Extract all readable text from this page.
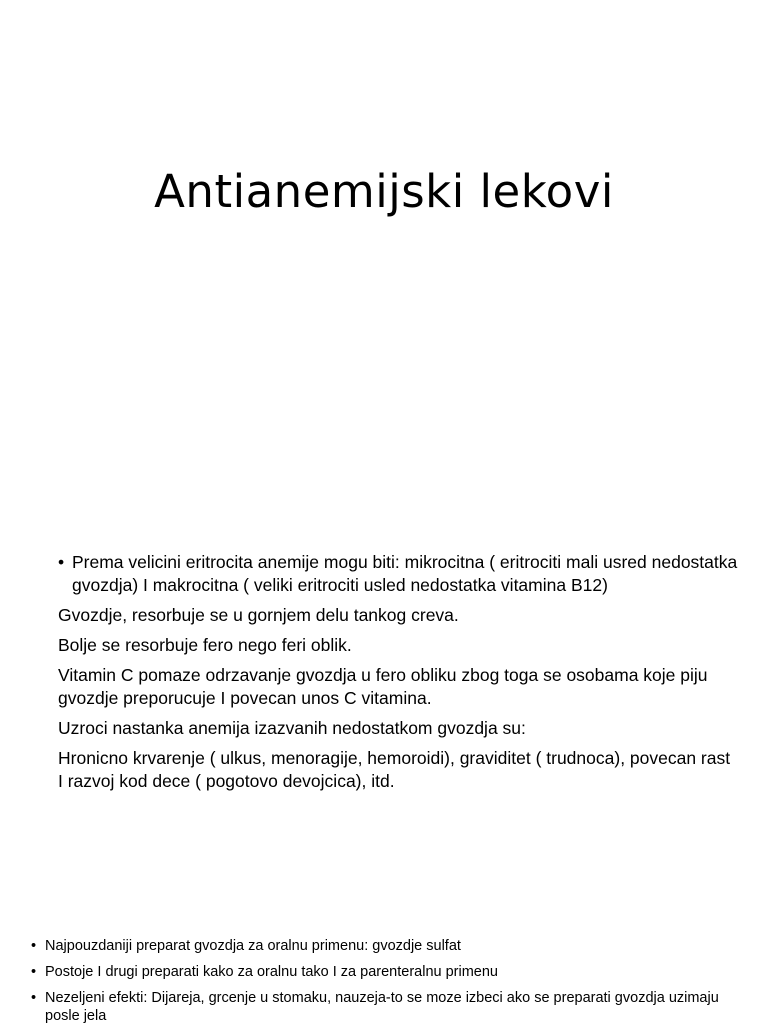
Antianemijski lekovi
• Prema velicini eritrocita anemije mogu biti: mikrocitna ( eritrociti mali usred nedostatka gvozdja) I makrocitna ( veliki eritrociti usled nedostatka vitamina B12)
Gvozdje, resorbuje se u gornjem delu tankog creva.
Bolje se resorbuje fero nego feri oblik.
Vitamin C pomaze odrzavanje gvozdja u fero obliku zbog toga se osobama koje piju gvozdje preporucuje I povecan unos C vitamina.
Uzroci nastanka anemija izazvanih nedostatkom gvozdja su:
Hronicno krvarenje ( ulkus, menoragije, hemoroidi), graviditet ( trudnoca), povecan rast I razvoj kod dece ( pogotovo devojcica), itd.
• Najpouzdaniji preparat gvozdja za oralnu primenu: gvozdje sulfat
• Postoje I drugi preparati kako za oralnu tako I za parenteralnu primenu
• Nezeljeni efekti: Dijareja, grcenje u stomaku, nauzeja-to se moze izbeci ako se preparati gvozdja uzimaju posle jela
